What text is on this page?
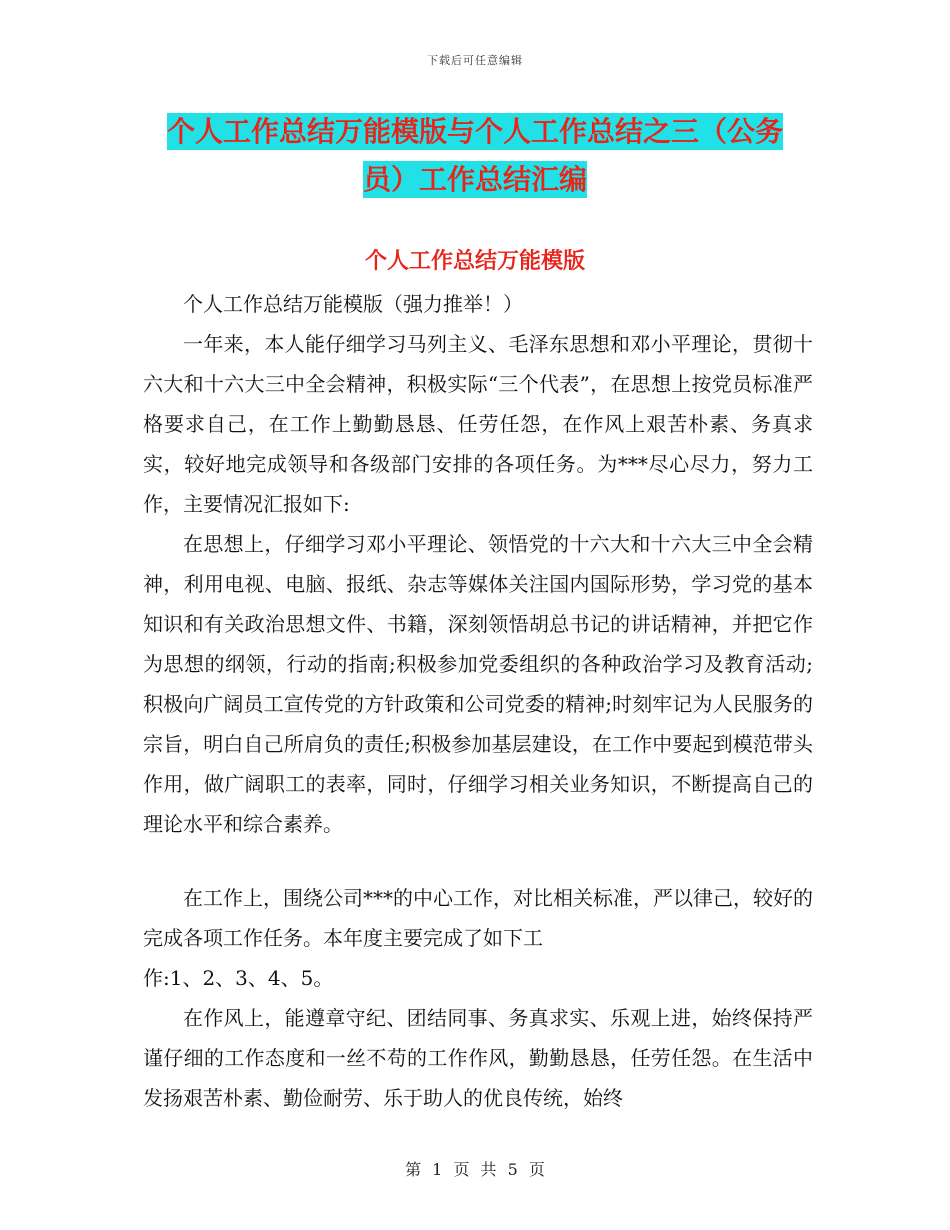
下载后可任意编辑
个人工作总结万能模版与个人工作总结之三（公务
员）工作总结汇编
个人工作总结万能模版

个人工作总结万能模版（强力推举！）

一年来，本人能仔细学习马列主义、毛泽东思想和邓小平理论，贯彻十六大和十六大三中全会精神，积极实际“三个代表”，在思想上按党员标准严格要求自己，在工作上勤勤恳恳、任劳任怨，在作风上艰苦朴素、务真求实，较好地完成领导和各级部门安排的各项任务。为***尽心尽力，努力工作，主要情况汇报如下:

在思想上，仔细学习邓小平理论、领悟党的十六大和十六大三中全会精神，利用电视、电脑、报纸、杂志等媒体关注国内国际形势，学习党的基本知识和有关政治思想文件、书籍，深刻领悟胡总书记的讲话精神，并把它作为思想的纲领，行动的指南;积极参加党委组织的各种政治学习及教育活动;积极向广阔员工宣传党的方针政策和公司党委的精神;时刻牢记为人民服务的宗旨，明白自己所肩负的责任;积极参加基层建设，在工作中要起到模范带头作用，做广阔职工的表率，同时，仔细学习相关业务知识，不断提高自己的理论水平和综合素养。

在工作上，围绕公司***的中心工作，对比相关标准，严以律己，较好的完成各项工作任务。本年度主要完成了如下工

作:1、2、3、4、5。

在作风上，能遵章守纪、团结同事、务真求实、乐观上进，始终保持严谨仔细的工作态度和一丝不苟的工作作风，勤勤恳恳，任劳任怨。在生活中发扬艰苦朴素、勤俭耐劳、乐于助人的优良传统，始终

第 1 页 共 5 页
